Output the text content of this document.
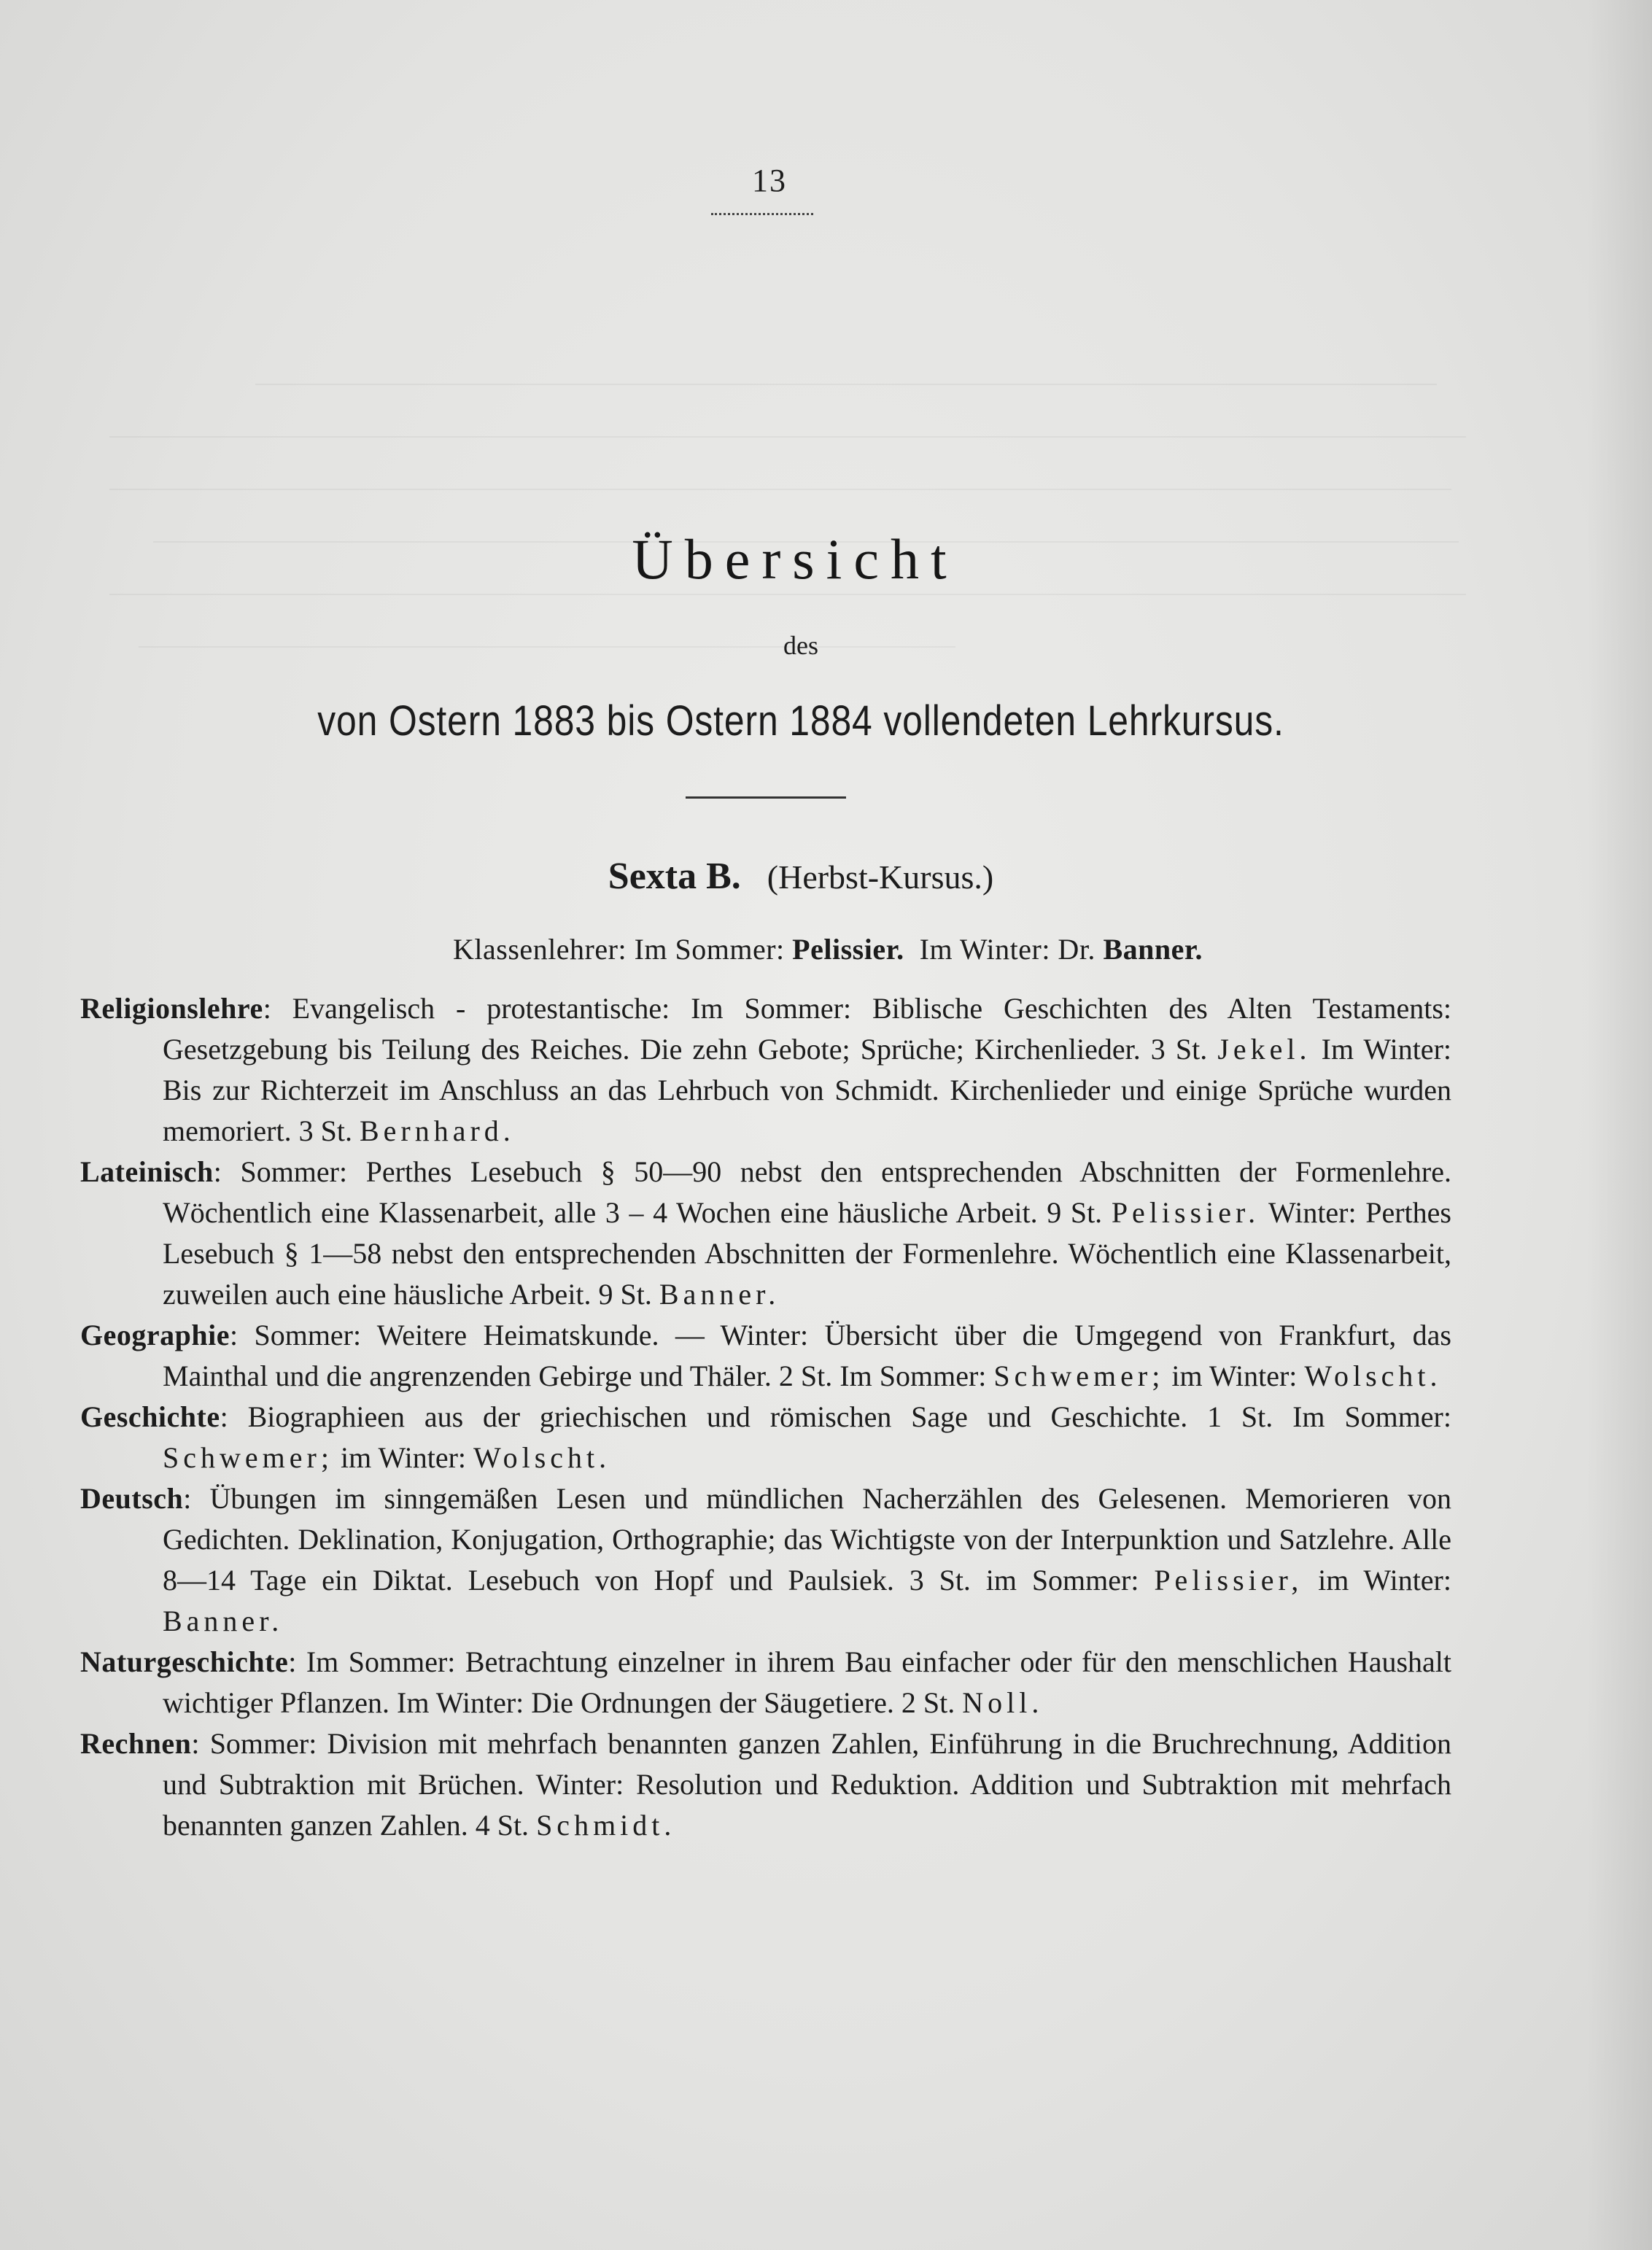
13
Übersicht
des
von Ostern 1883 bis Ostern 1884 vollendeten Lehrkursus.
Sexta B. (Herbst-Kursus.)
Klassenlehrer: Im Sommer: Pelissier. Im Winter: Dr. Banner.

Religionslehre: Evangelisch - protestantische: Im Sommer: Biblische Geschichten des Alten Testaments: Gesetzgebung bis Teilung des Reiches. Die zehn Gebote; Sprüche; Kirchenlieder. 3 St. Jekel. Im Winter: Bis zur Richterzeit im Anschluss an das Lehrbuch von Schmidt. Kirchenlieder und einige Sprüche wurden memoriert. 3 St. Bernhard.

Lateinisch: Sommer: Perthes Lesebuch § 50—90 nebst den entsprechenden Abschnitten der Formenlehre. Wöchentlich eine Klassenarbeit, alle 3 – 4 Wochen eine häusliche Arbeit. 9 St. Pelissier. Winter: Perthes Lesebuch § 1—58 nebst den entsprechenden Abschnitten der Formenlehre. Wöchentlich eine Klassenarbeit, zuweilen auch eine häusliche Arbeit. 9 St. Banner.

Geographie: Sommer: Weitere Heimatskunde. — Winter: Übersicht über die Umgegend von Frankfurt, das Mainthal und die angrenzenden Gebirge und Thäler. 2 St. Im Sommer: Schwemer; im Winter: Wolscht.

Geschichte: Biographieen aus der griechischen und römischen Sage und Geschichte. 1 St. Im Sommer: Schwemer; im Winter: Wolscht.

Deutsch: Übungen im sinngemäßen Lesen und mündlichen Nacherzählen des Gelesenen. Memorieren von Gedichten. Deklination, Konjugation, Orthographie; das Wichtigste von der Interpunktion und Satzlehre. Alle 8—14 Tage ein Diktat. Lesebuch von Hopf und Paulsiek. 3 St. im Sommer: Pelissier, im Winter: Banner.

Naturgeschichte: Im Sommer: Betrachtung einzelner in ihrem Bau einfacher oder für den menschlichen Haushalt wichtiger Pflanzen. Im Winter: Die Ordnungen der Säugetiere. 2 St. Noll.

Rechnen: Sommer: Division mit mehrfach benannten ganzen Zahlen, Einführung in die Bruchrechnung, Addition und Subtraktion mit Brüchen. Winter: Resolution und Reduktion. Addition und Subtraktion mit mehrfach benannten ganzen Zahlen. 4 St. Schmidt.
